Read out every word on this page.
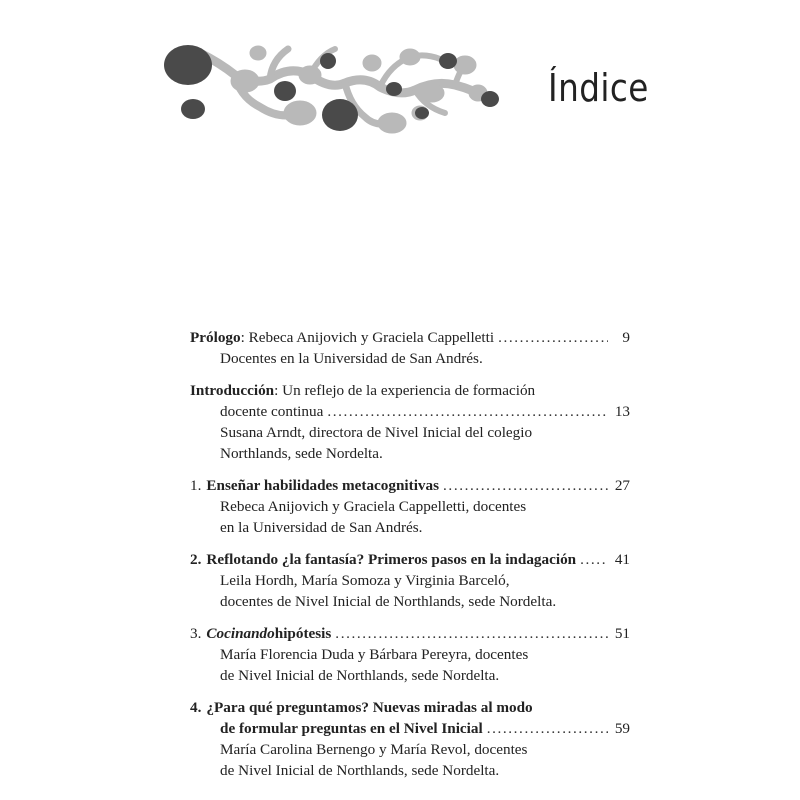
Índice
Prólogo : Rebeca Anijovich y Graciela Cappelletti . . .	9
Docentes en la Universidad de San Andrés.
Introducción : Un reflejo de la experiencia de formación
docente continua . . .	13
Susana Arndt, directora de Nivel Inicial del colegio
Northlands, sede Nordelta.
1. Enseñar habilidades metacognitivas . . .	27
Rebeca Anijovich y Graciela Cappelletti, docentes
en la Universidad de San Andrés.
2. Reflotando ¿la fantasía? Primeros pasos en la indagación . . .	41
Leila Hordh, María Somoza y Virginia Barceló,
docentes de Nivel Inicial de Northlands, sede Nordelta.
3. Cocinando hipótesis . . .	51
María Florencia Duda y Bárbara Pereyra, docentes
de Nivel Inicial de Northlands, sede Nordelta.
4. ¿Para qué preguntamos? Nuevas miradas al modo
de formular preguntas en el Nivel Inicial . . .	59
María Carolina Bernengo y María Revol, docentes
de Nivel Inicial de Northlands, sede Nordelta.
